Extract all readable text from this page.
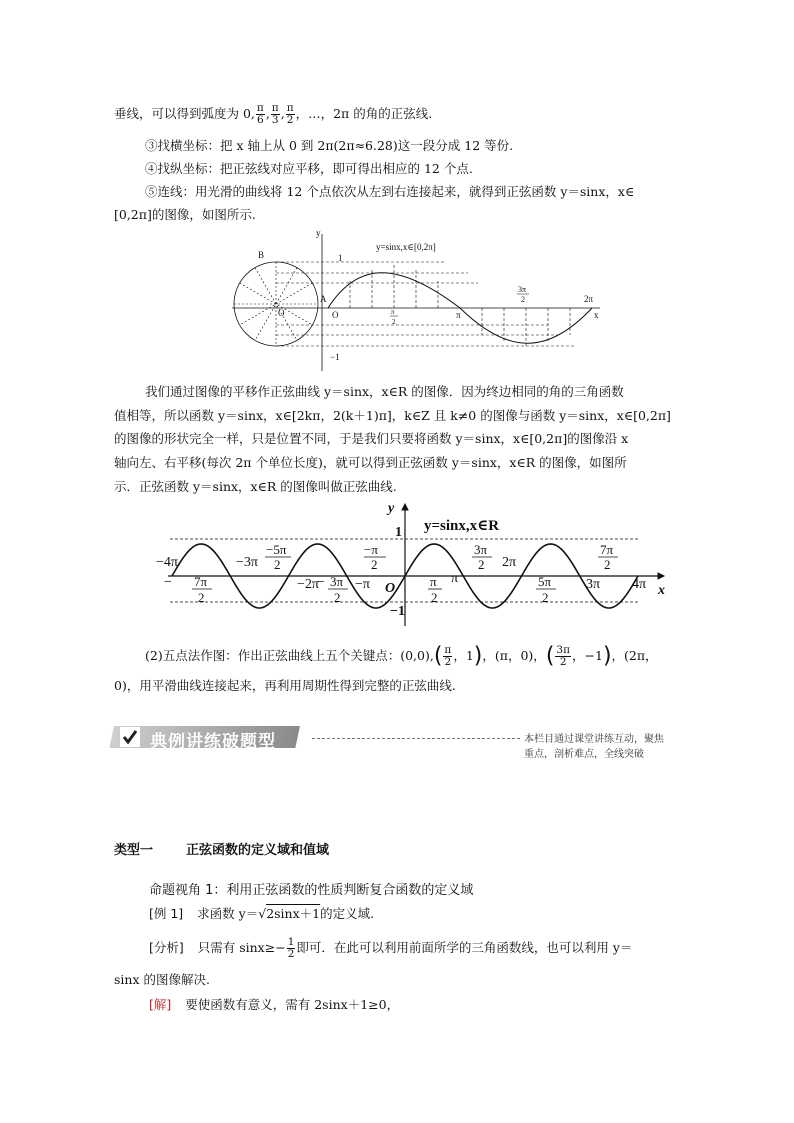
垂线，可以得到弧度为 0, $\frac{\pi}{6}$ , $\frac{\pi}{3}$ , $\frac{\pi}{2}$ ，…，2π 的角的正弦线.
③找横坐标：把 x 轴上从 0 到 2π(2π≈6.28)这一段分成 12 等份.
④找纵坐标：把正弦线对应平移，即可得出相应的 12 个点.
⑤连线：用光滑的曲线将 12 个点依次从左到右连接起来，就得到正弦函数 y＝sinx，x∈
[0,2π]的图像，如图所示.
y
x
y=sinx,x∈[0,2π]
1
−1
B
O
A
O	π
2
π
3π
2	2π
我们通过图像的平移作正弦曲线 y＝sinx，x∈R 的图像．因为终边相同的角的三角函数
值相等，所以函数 y＝sinx，x∈[2kπ，2(k＋1)π]，k∈Z 且 k≠0 的图像与函数 y＝sinx，x∈[0,2π]
的图像的形状完全一样，只是位置不同，于是我们只要将函数 y＝sinx，x∈[0,2π]的图像沿 x
轴向左、右平移(每次 2π 个单位长度)，就可以得到正弦函数 y＝sinx，x∈R 的图像，如图所
示．正弦函数 y＝sinx，x∈R 的图像叫做正弦曲线.
y
x
y=sinx,x∈R
1
−1
O
−4π	−3π
−2π	−π	π
2π
3π 4π
− 7π
2
− 3π
2
π
2
5π
2
−5π
2
−π
2
3π
2
7π
2
(2)五点法作图：作出正弦曲线上五个关键点：$(0,0),( \frac{\pi}{2}$ ，1)，(π，0)，( $\frac{3\pi}{2}$ ，−1)，(2π，
0)，用平滑曲线连接起来，再利用周期性得到完整的正弦曲线.
典例讲练破题型	本栏目通过课堂讲练互动，聚焦重点，剖析难点，全线突破
类型一	正弦函数的定义域和值域
命题视角 1：利用正弦函数的性质判断复合函数的定义域
[例 1] 求函数 y＝√2sinx＋1的定义域.
[分析] 只需有 $\sin x\ge- \frac{1}{2}$ 即可．在此可以利用前面所学的三角函数线，也可以利用 y＝
sinx 的图像解决.
[解] 要使函数有意义，需有 2sinx＋1≥0，
